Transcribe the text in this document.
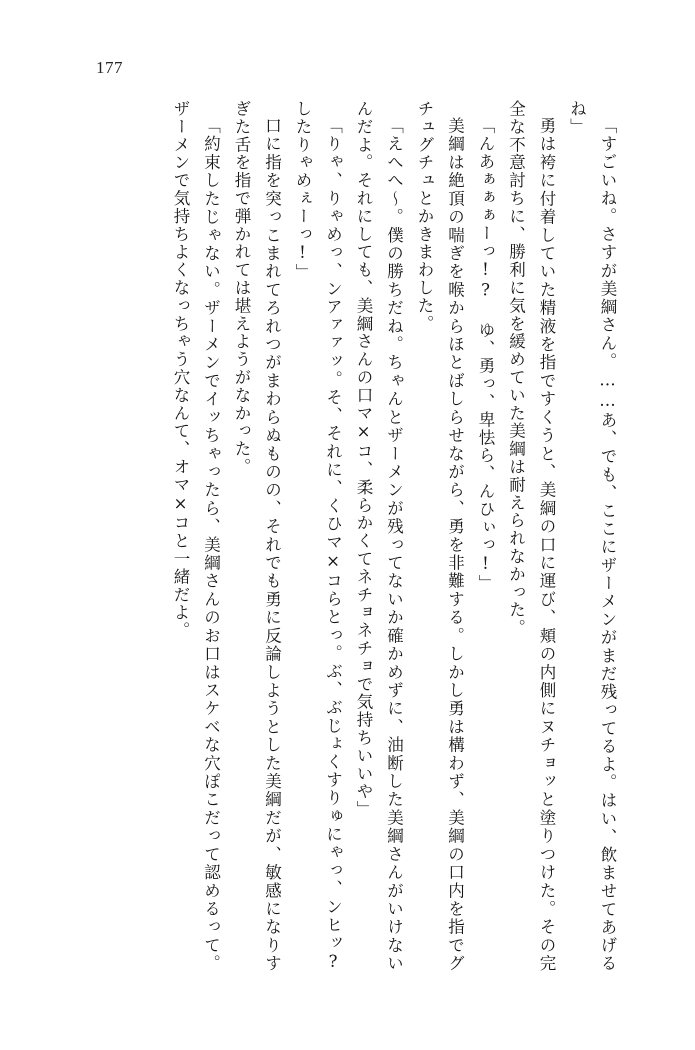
177

「すごいね。さすが美綱さん。……あ、でも、ここにザーメンがまだ残ってるよ。はい、飲ませてあげるね」

勇は袴に付着していた精液を指ですくうと、美綱の口に運び、頬の内側にヌチョッと塗りつけた。その完全な不意討ちに、勝利に気を緩めていた美綱は耐えられなかった。

「んあぁぁぁーっ!? ゆ、勇っ、卑怯ら、んひぃっ!」

美綱は絶頂の喘ぎを喉からほとばしらせながら、勇を非難する。しかし勇は構わず、美綱の口内を指でグチュグチュとかきまわした。

「えへへ～。僕の勝ちだね。ちゃんとザーメンが残ってないか確かめずに、油断した美綱さんがいけないんだよ。それにしても、美綱さんの口マ×コ、柔らかくてネチョネチョで気持ちいいや」

「りゃ、りゃめっ、ンアァァッ。そ、それに、くひマ×コらとっ。ぶ、ぶじょくすりゅにゃっ、ンヒッ? したりゃめぇーっ!」

口に指を突っこまれてろれつがまわらぬものの、それでも勇に反論しようとした美綱だが、敏感になりすぎた舌を指で弾かれては堪えようがなかった。

「約束したじゃない。ザーメンでイッちゃったら、美綱さんのお口はスケベな穴ぽこだって認めるって。ザーメンで気持ちよくなっちゃう穴なんて、オマ×コと一緒だよ。
